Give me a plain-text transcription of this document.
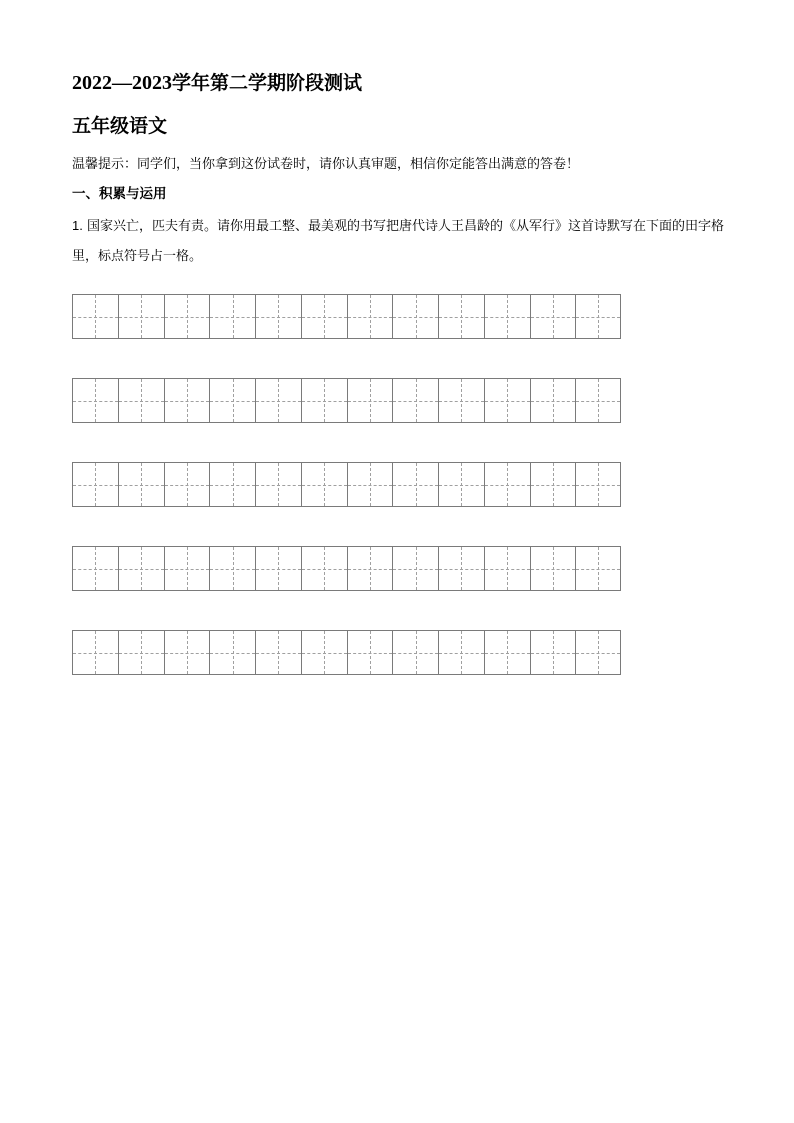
2022—2023学年第二学期阶段测试
五年级语文
温馨提示：同学们，当你拿到这份试卷时，请你认真审题，相信你定能答出满意的答卷！
一、积累与运用
1. 国家兴亡，匹夫有责。请你用最工整、最美观的书写把唐代诗人王昌龄的《从军行》这首诗默写在下面的田字格里，标点符号占一格。
